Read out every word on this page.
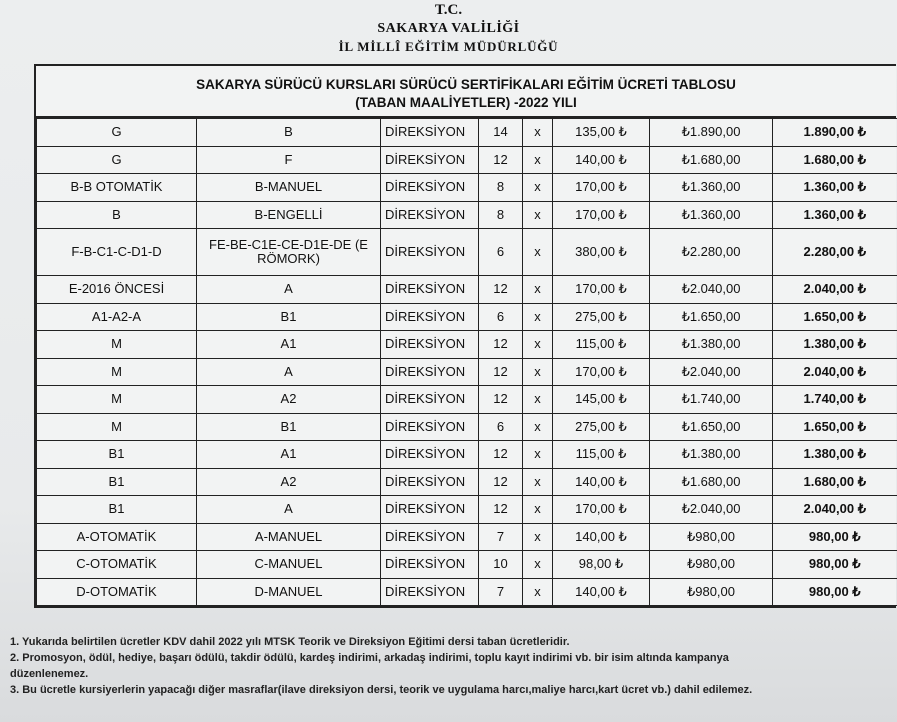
T.C.
SAKARYA VALİLİĞİ
İL MİLLÎ EĞİTİM MÜDÜRLÜĞÜ
SAKARYA SÜRÜCÜ KURSLARI SÜRÜCÜ SERTİFİKALARI EĞİTİM ÜCRETİ TABLOSU
(TABAN MAALİYETLER) -2022 YILI
G	B	DİREKSİYON	14	x	135,00 ₺	₺1.890,00	1.890,00 ₺
G	F	DİREKSİYON	12	x	140,00 ₺	₺1.680,00	1.680,00 ₺
B-B OTOMATİK	B-MANUEL	DİREKSİYON	8	x	170,00 ₺	₺1.360,00	1.360,00 ₺
B	B-ENGELLİ	DİREKSİYON	8	x	170,00 ₺	₺1.360,00	1.360,00 ₺
F-B-C1-C-D1-D	FE-BE-C1E-CE-D1E-DE (E RÖMORK)	DİREKSİYON	6	x	380,00 ₺	₺2.280,00	2.280,00 ₺
E-2016 ÖNCESİ	A	DİREKSİYON	12	x	170,00 ₺	₺2.040,00	2.040,00 ₺
A1-A2-A	B1	DİREKSİYON	6	x	275,00 ₺	₺1.650,00	1.650,00 ₺
M	A1	DİREKSİYON	12	x	115,00 ₺	₺1.380,00	1.380,00 ₺
M	A	DİREKSİYON	12	x	170,00 ₺	₺2.040,00	2.040,00 ₺
M	A2	DİREKSİYON	12	x	145,00 ₺	₺1.740,00	1.740,00 ₺
M	B1	DİREKSİYON	6	x	275,00 ₺	₺1.650,00	1.650,00 ₺
B1	A1	DİREKSİYON	12	x	115,00 ₺	₺1.380,00	1.380,00 ₺
B1	A2	DİREKSİYON	12	x	140,00 ₺	₺1.680,00	1.680,00 ₺
B1	A	DİREKSİYON	12	x	170,00 ₺	₺2.040,00	2.040,00 ₺
A-OTOMATİK	A-MANUEL	DİREKSİYON	7	x	140,00 ₺	₺980,00	980,00 ₺
C-OTOMATİK	C-MANUEL	DİREKSİYON	10	x	98,00 ₺	₺980,00	980,00 ₺
D-OTOMATİK	D-MANUEL	DİREKSİYON	7	x	140,00 ₺	₺980,00	980,00 ₺
1. Yukarıda belirtilen ücretler KDV dahil 2022 yılı MTSK Teorik ve Direksiyon Eğitimi dersi taban ücretleridir.
2. Promosyon, ödül, hediye, başarı ödülü, takdir ödülü, kardeş indirimi, arkadaş indirimi, toplu kayıt indirimi vb. bir isim altında kampanya
düzenlenemez.
3. Bu ücretle kursiyerlerin yapacağı diğer masraflar(ilave direksiyon dersi, teorik ve uygulama harcı,maliye harcı,kart ücret vb.) dahil edilemez.
